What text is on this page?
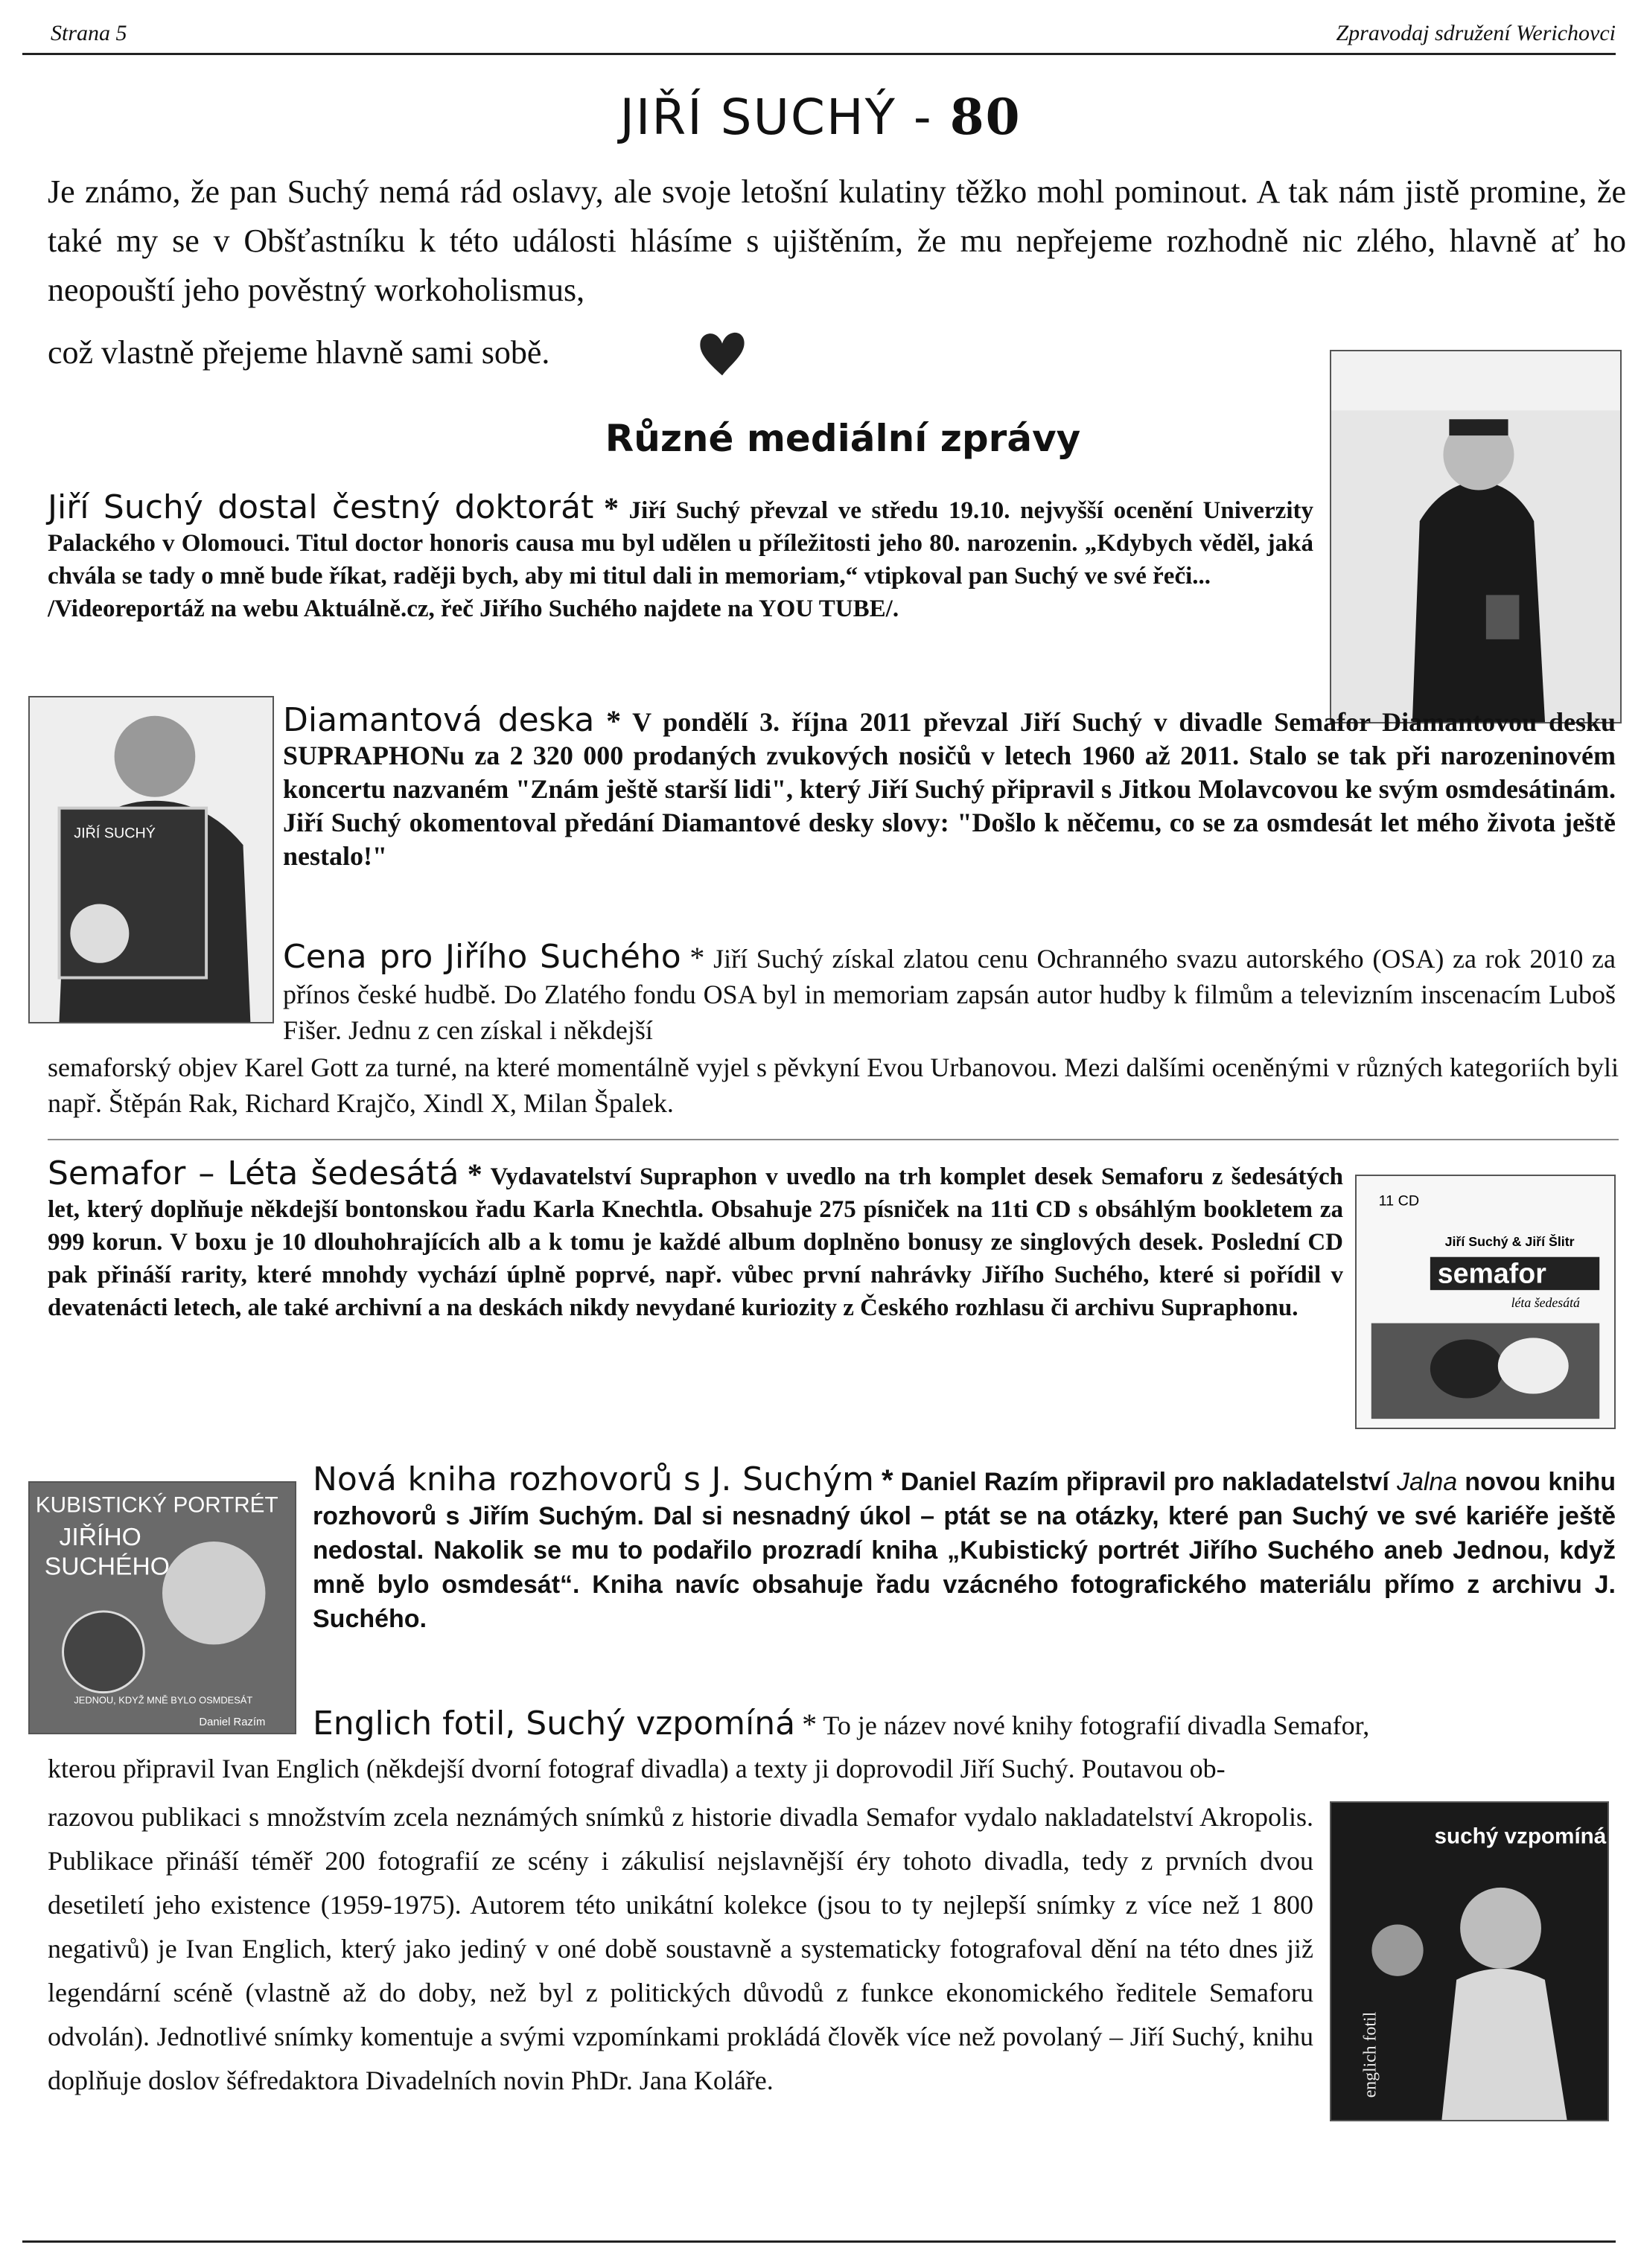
Strana 5	Zpravodaj sdružení Werichovci
JIŘÍ SUCHÝ - 80
Je známo, že pan Suchý nemá rád oslavy, ale svoje letošní kulatiny těžko mohl pominout. A tak nám jistě promine, že také my se v Obšťastníku k této události hlásíme s ujištěním, že mu nepřejeme rozhodně nic zlého, hlavně ať ho neopouští jeho pověstný workoholismus,
což vlastně přejeme hlavně sami sobě.
Různé mediální zprávy
Jiří Suchý dostal čestný doktorát * Jiří Suchý převzal ve středu 19.10. nejvyšší ocenění Univerzity Palackého v Olomouci. Titul doctor honoris causa mu byl udělen u příležitosti jeho 80. narozenin. „Kdybych věděl, jaká chvála se tady o mně bude říkat, raději bych, aby mi titul dali in memoriam,“ vtipkoval pan Suchý ve své řeči...
/Videoreportáž na webu Aktuálně.cz, řeč Jiřího Suchého najdete na YOU TUBE/.
JIŘÍ SUCHÝ
Diamantová deska * V pondělí 3. října 2011 převzal Jiří Suchý v divadle Semafor Diamantovou desku SUPRAPHONu za 2 320 000 prodaných zvukových nosičů v letech 1960 až 2011. Stalo se tak při narozeninovém koncertu nazvaném "Znám ještě starší lidi", který Jiří Suchý připravil s Jitkou Molavcovou ke svým osmdesátinám. Jiří Suchý okomentoval předání Diamantové desky slovy: "Došlo k něčemu, co se za osmdesát let mého života ještě nestalo!"
Cena pro Jiřího Suchého * Jiří Suchý získal zlatou cenu Ochranného svazu autorského (OSA) za rok 2010 za přínos české hudbě. Do Zlatého fondu OSA byl in memoriam zapsán autor hudby k filmům a televizním inscenacím Luboš Fišer. Jednu z cen získal i někdejší
semaforský objev Karel Gott za turné, na které momentálně vyjel s pěvkyní Evou Urbanovou. Mezi dalšími oceněnými v různých kategoriích byli např. Štěpán Rak, Richard Krajčo, Xindl X, Milan Špalek.
Semafor – Léta šedesátá * Vydavatelství Supraphon v uvedlo na trh komplet desek Semaforu z šedesátých let, který doplňuje někdejší bontonskou řadu Karla Knechtla. Obsahuje 275 písniček na 11ti CD s obsáhlým bookletem za 999 korun. V boxu je 10 dlouhohrajících alb a k tomu je každé album doplněno bonusy ze singlových desek. Poslední CD pak přináší rarity, které mnohdy vychází úplně poprvé, např. vůbec první nahrávky Jiřího Suchého, které si pořídil v devatenácti letech, ale také archivní a na deskách nikdy nevydané kuriozity z Českého rozhlasu či archivu Supraphonu.
11 CD
Jiří Suchý & Jiří Šlitr
semafor
léta šedesátá
KUBISTICKÝ PORTRÉT
JIŘÍHO
SUCHÉHO
JEDNOU, KDYŽ MNĚ BYLO OSMDESÁT
Daniel Razím
Nová kniha rozhovorů s J. Suchým * Daniel Razím připravil pro nakladatelství Jalna novou knihu rozhovorů s Jiřím Suchým. Dal si nesnadný úkol – ptát se na otázky, které pan Suchý ve své kariéře ještě nedostal. Nakolik se mu to podařilo prozradí kniha „Kubistický portrét Jiřího Suchého aneb Jednou, když mně bylo osmdesát“. Kniha navíc obsahuje řadu vzácného fotografického materiálu přímo z archivu J. Suchého.
Englich fotil, Suchý vzpomíná * To je název nové knihy fotografií divadla Semafor,
kterou připravil Ivan Englich (někdejší dvorní fotograf divadla) a texty ji doprovodil Jiří Suchý. Poutavou ob-
razovou publikaci s množstvím zcela neznámých snímků z historie divadla Semafor vydalo nakladatelství Akropolis. Publikace přináší téměř 200 fotografií ze scény i zákulisí nejslavnější éry tohoto divadla, tedy z prvních dvou desetiletí jeho existence (1959-1975). Autorem této unikátní kolekce (jsou to ty nejlepší snímky z více než 1 800 negativů) je Ivan Englich, který jako jediný v oné době soustavně a systematicky fotografoval dění na této dnes již legendární scéně (vlastně až do doby, než byl z politických důvodů z funkce ekonomického ředitele Semaforu odvolán). Jednotlivé snímky komentuje a svými vzpomínkami prokládá člověk více než povolaný – Jiří Suchý, knihu doplňuje doslov šéfredaktora Divadelních novin PhDr. Jana Koláře.
suchý vzpomíná
englich fotil
